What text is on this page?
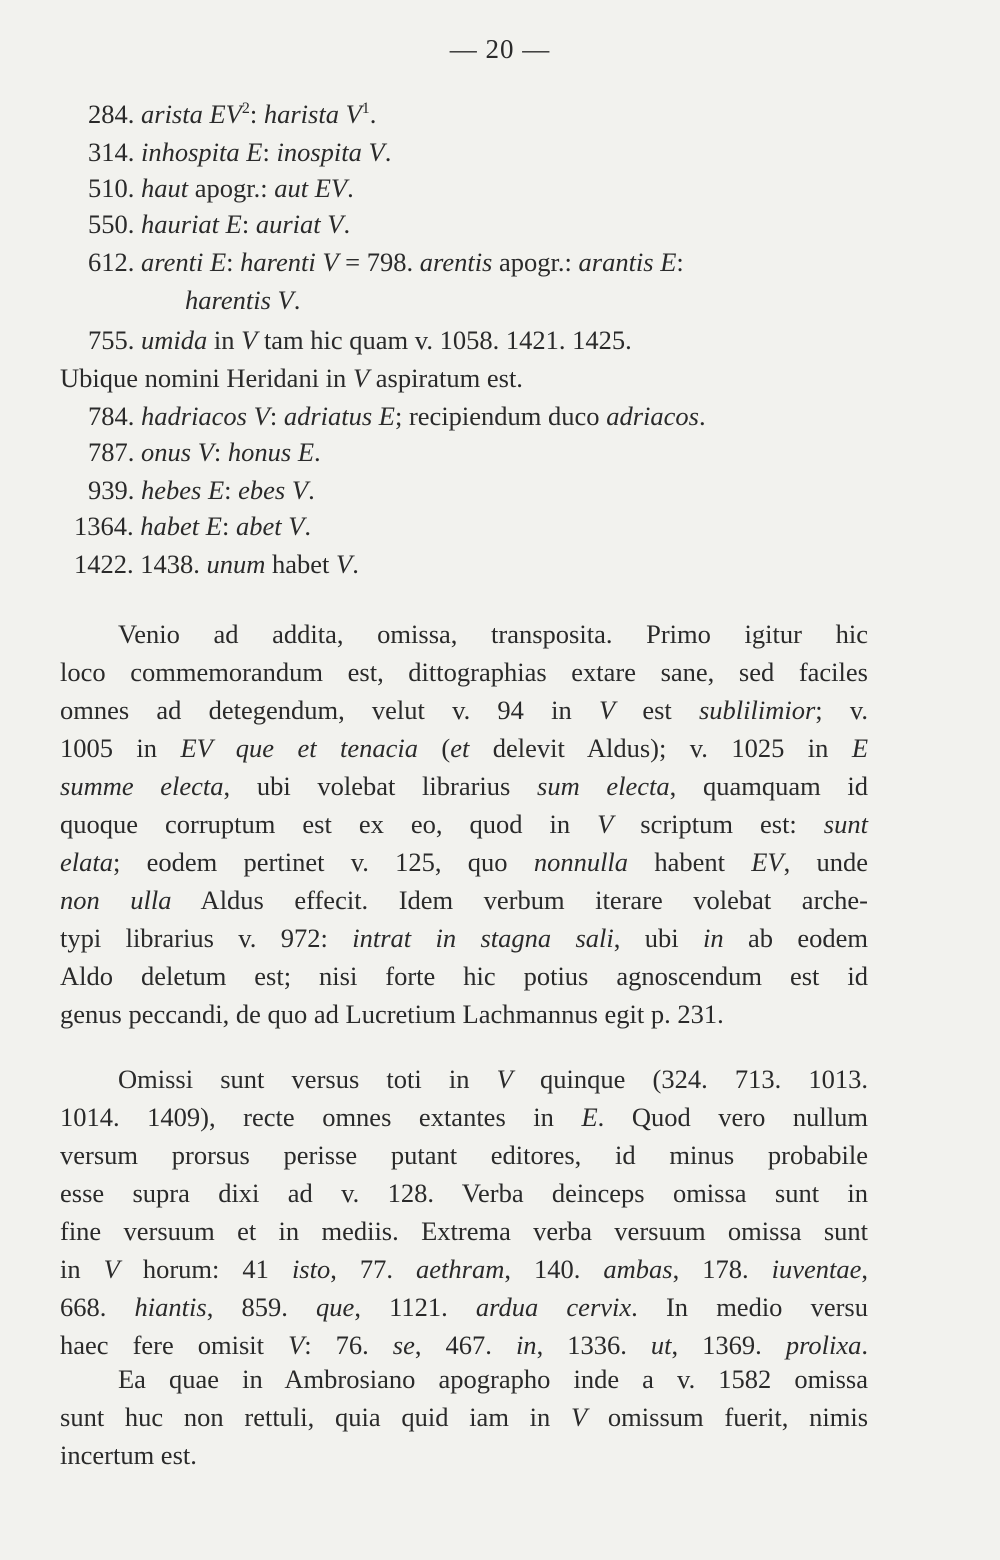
— 20 —
284. arista $EV^2$: harista $V^1$.
314. inhospita E: inospita V.
510. haut apogr.: aut EV.
550. hauriat E: auriat V.
612. arenti E: harenti V = 798. arentis apogr.: arantis E:
harentis V.
755. umida in V tam hic quam v. 1058. 1421. 1425.
Ubique nomini Heridani in V aspiratum est.
784. hadriacos V: adriatus E; recipiendum duco adriacos.
787. onus V: honus E.
939. hebes E: ebes V.
1364. habet E: abet V.
1422. 1438. unum habet V.
Venio ad addita, omissa, transposita. Primo igitur hic
loco commemorandum est, dittographias extare sane, sed faciles
omnes ad detegendum, velut v. 94 in V est sublilimior; v.
1005 in EV que et tenacia (et delevit Aldus); v. 1025 in E
summe electa, ubi volebat librarius sum electa, quamquam id
quoque corruptum est ex eo, quod in V scriptum est: sunt
elata; eodem pertinet v. 125, quo nonnulla habent EV, unde
non ulla Aldus effecit. Idem verbum iterare volebat arche-
typi librarius v. 972: intrat in stagna sali, ubi in ab eodem
Aldo deletum est; nisi forte hic potius agnoscendum est id
genus peccandi, de quo ad Lucretium Lachmannus egit p. 231.
Omissi sunt versus toti in V quinque (324. 713. 1013.
1014. 1409), recte omnes extantes in E. Quod vero nullum
versum prorsus perisse putant editores, id minus probabile
esse supra dixi ad v. 128. Verba deinceps omissa sunt in
fine versuum et in mediis. Extrema verba versuum omissa sunt
in V horum: 41 isto, 77. aethram, 140. ambas, 178. iuventae,
668. hiantis, 859. que, 1121. ardua cervix. In medio versu
haec fere omisit V: 76. se, 467. in, 1336. ut, 1369. prolixa.
Ea quae in Ambrosiano apographo inde a v. 1582 omissa
sunt huc non rettuli, quia quid iam in V omissum fuerit, nimis
incertum est.
